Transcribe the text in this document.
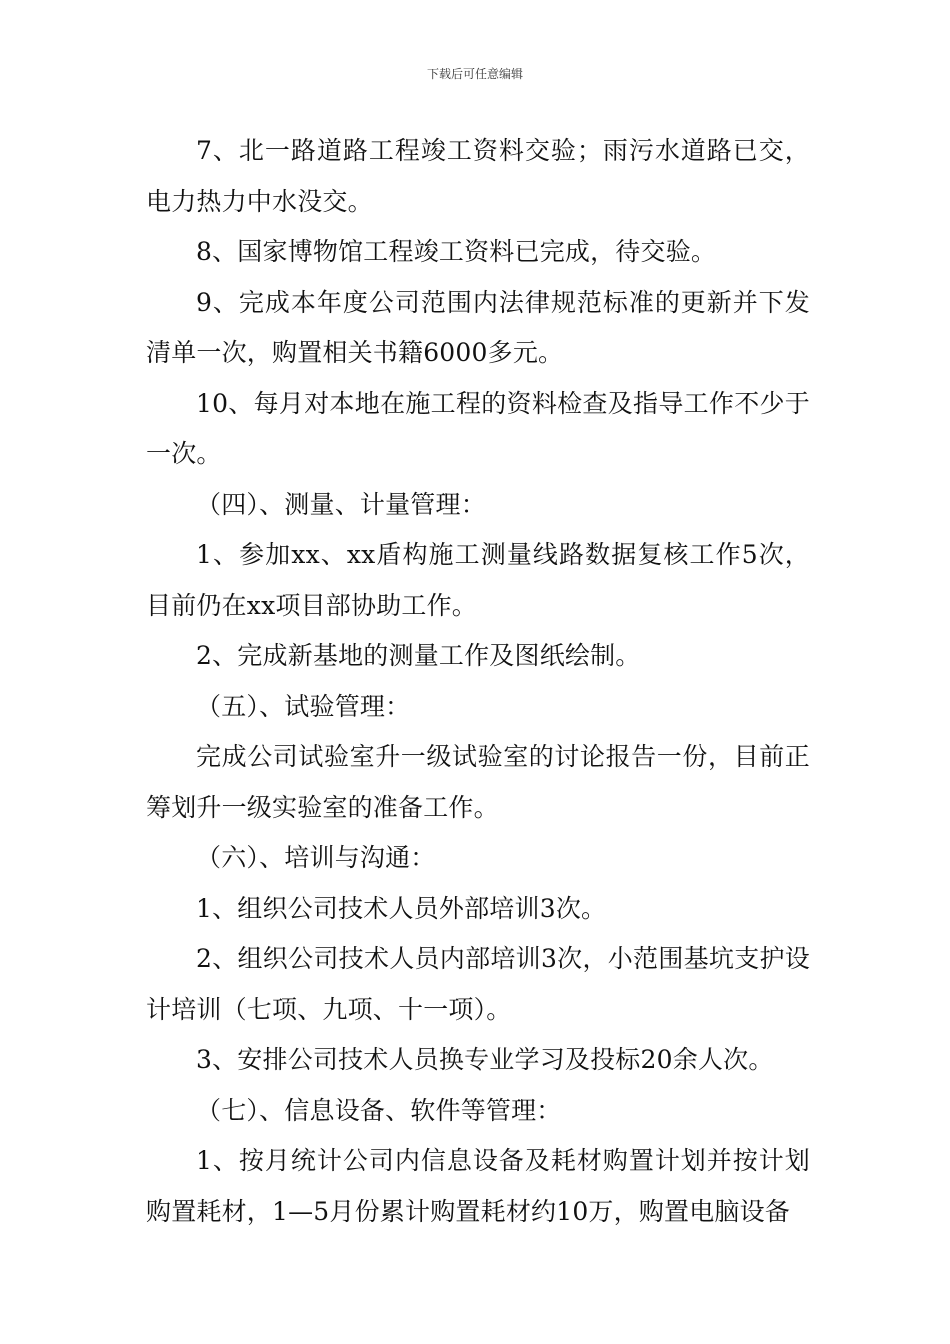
下载后可任意编辑

7、北一路道路工程竣工资料交验；雨污水道路已交，电力热力中水没交。

8、国家博物馆工程竣工资料已完成，待交验。

9、完成本年度公司范围内法律规范标准的更新并下发清单一次，购置相关书籍6000多元。

10、每月对本地在施工程的资料检查及指导工作不少于一次。

（四）、测量、计量管理：

1、参加xx、xx盾构施工测量线路数据复核工作5次，目前仍在xx项目部协助工作。

2、完成新基地的测量工作及图纸绘制。

（五）、试验管理：

完成公司试验室升一级试验室的讨论报告一份，目前正筹划升一级实验室的准备工作。

（六）、培训与沟通：

1、组织公司技术人员外部培训3次。

2、组织公司技术人员内部培训3次，小范围基坑支护设计培训（七项、九项、十一项）。

3、安排公司技术人员换专业学习及投标20余人次。

（七）、信息设备、软件等管理：

1、按月统计公司内信息设备及耗材购置计划并按计划购置耗材，1—5月份累计购置耗材约10万，购置电脑设备
